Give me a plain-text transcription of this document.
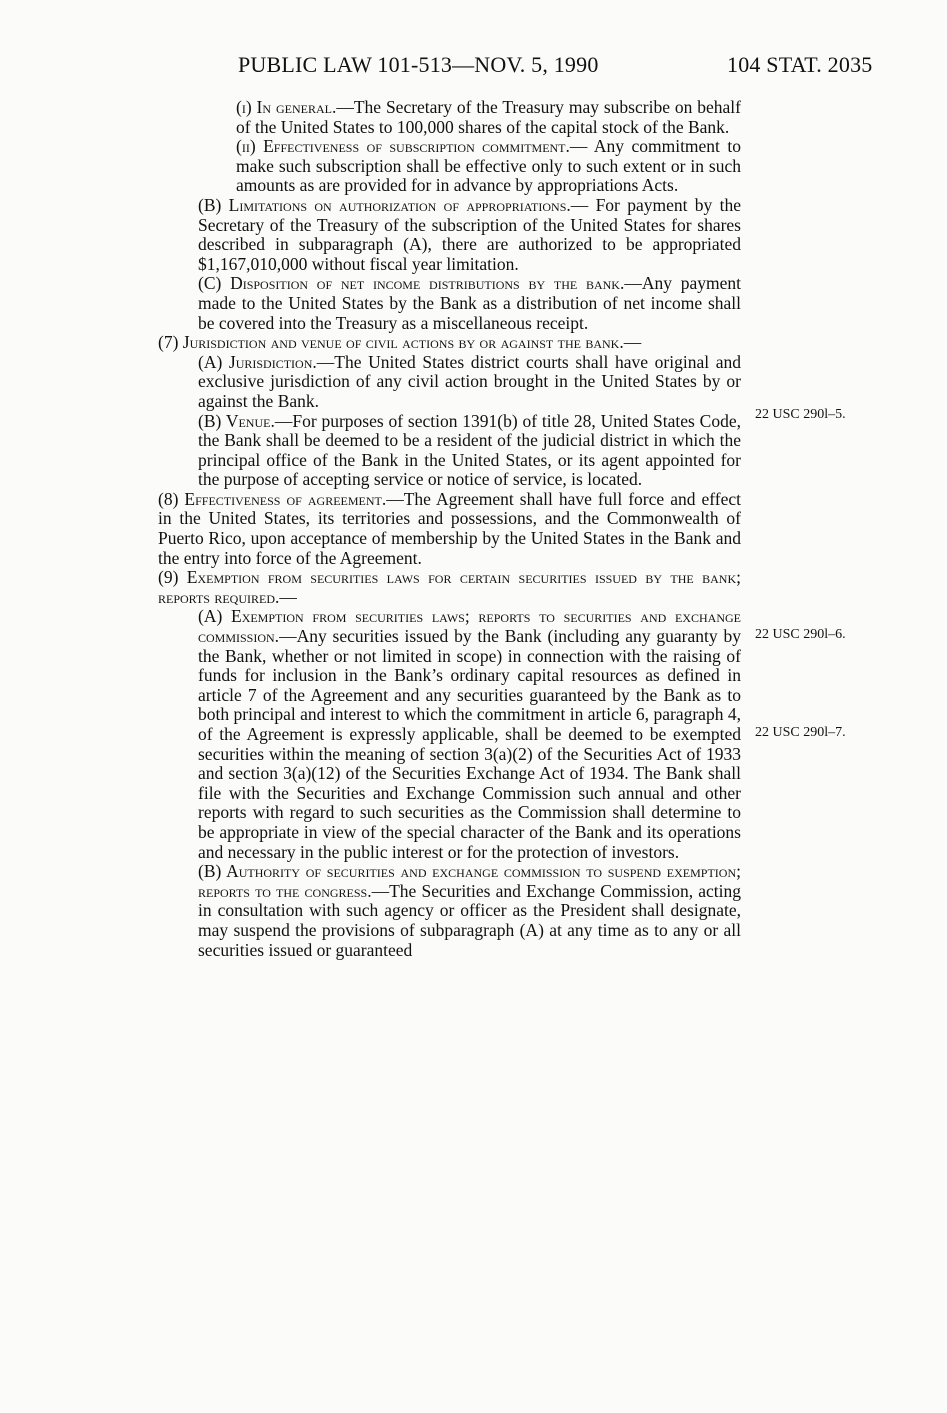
PUBLIC LAW 101-513—NOV. 5, 1990	104 STAT. 2035

(i) In general.—The Secretary of the Treasury may subscribe on behalf of the United States to 100,000 shares of the capital stock of the Bank.

(ii) Effectiveness of subscription commitment.— Any commitment to make such subscription shall be effective only to such extent or in such amounts as are provided for in advance by appropriations Acts.

(B) Limitations on authorization of appropriations.— For payment by the Secretary of the Treasury of the subscription of the United States for shares described in subparagraph (A), there are authorized to be appropriated $1,167,010,000 without fiscal year limitation.

(C) Disposition of net income distributions by the bank.—Any payment made to the United States by the Bank as a distribution of net income shall be covered into the Treasury as a miscellaneous receipt.

(7) Jurisdiction and venue of civil actions by or against the bank.—

(A) Jurisdiction.—The United States district courts shall have original and exclusive jurisdiction of any civil action brought in the United States by or against the Bank.

(B) Venue.—For purposes of section 1391(b) of title 28, United States Code, the Bank shall be deemed to be a resident of the judicial district in which the principal office of the Bank in the United States, or its agent appointed for the purpose of accepting service or notice of service, is located.

(8) Effectiveness of agreement.—The Agreement shall have full force and effect in the United States, its territories and possessions, and the Commonwealth of Puerto Rico, upon acceptance of membership by the United States in the Bank and the entry into force of the Agreement.

(9) Exemption from securities laws for certain securities issued by the bank; reports required.—

(A) Exemption from securities laws; reports to securities and exchange commission.—Any securities issued by the Bank (including any guaranty by the Bank, whether or not limited in scope) in connection with the raising of funds for inclusion in the Bank’s ordinary capital resources as defined in article 7 of the Agreement and any securities guaranteed by the Bank as to both principal and interest to which the commitment in article 6, paragraph 4, of the Agreement is expressly applicable, shall be deemed to be exempted securities within the meaning of section 3(a)(2) of the Securities Act of 1933 and section 3(a)(12) of the Securities Exchange Act of 1934. The Bank shall file with the Securities and Exchange Commission such annual and other reports with regard to such securities as the Commission shall determine to be appropriate in view of the special character of the Bank and its operations and necessary in the public interest or for the protection of investors.

(B) Authority of securities and exchange commission to suspend exemption; reports to the congress.—The Securities and Exchange Commission, acting in consultation with such agency or officer as the President shall designate, may suspend the provisions of subparagraph (A) at any time as to any or all securities issued or guaranteed

22 USC 290l–5.
22 USC 290l–6.
22 USC 290l–7.
